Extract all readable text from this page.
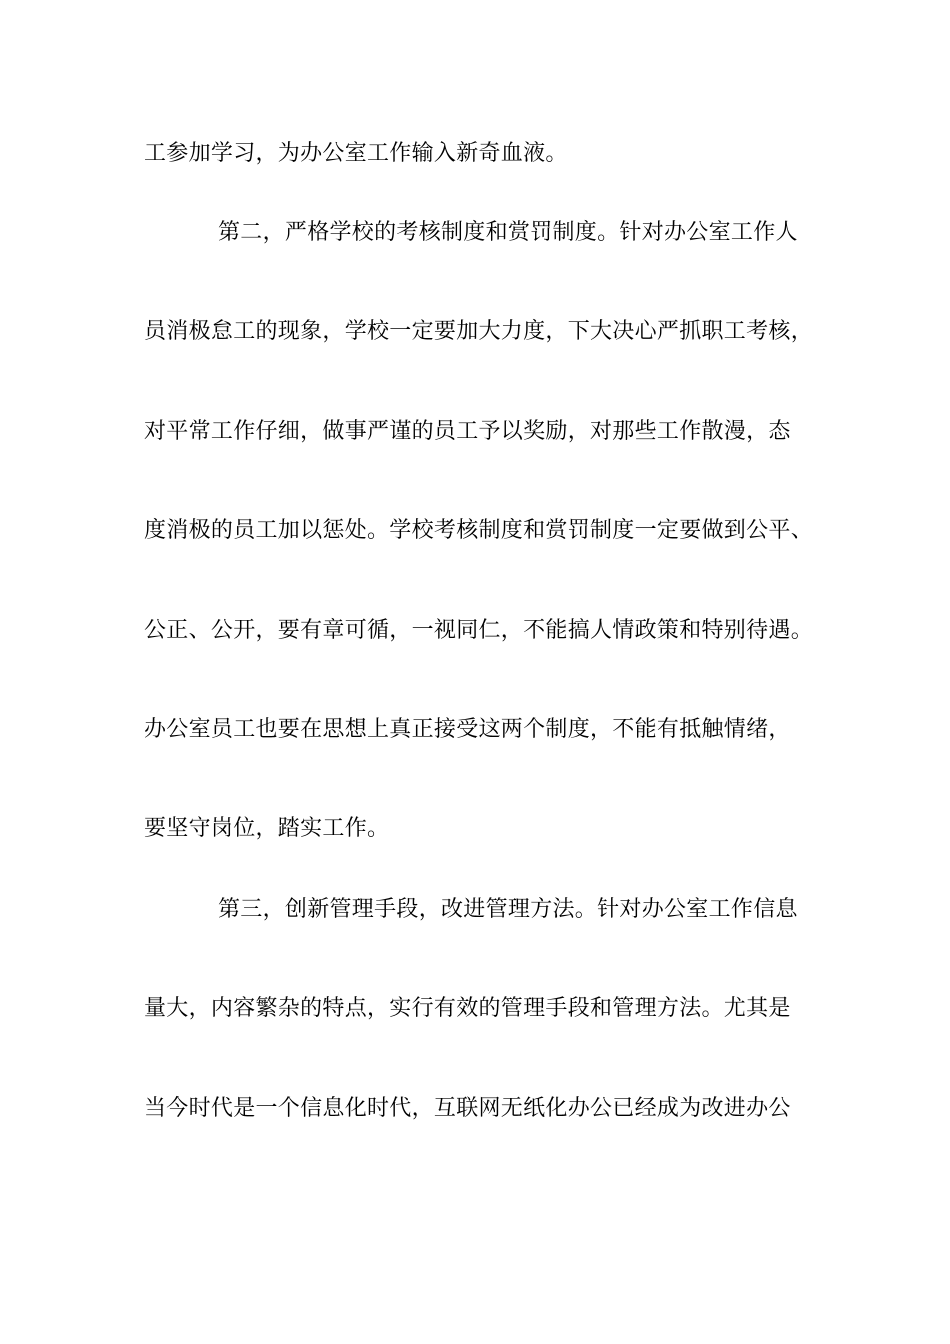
工参加学习，为办公室工作输入新奇血液。
第二，严格学校的考核制度和赏罚制度。针对办公室工作人
员消极怠工的现象，学校一定要加大力度，下大决心严抓职工考核，
对平常工作仔细，做事严谨的员工予以奖励，对那些工作散漫，态
度消极的员工加以惩处。学校考核制度和赏罚制度一定要做到公平、
公正、公开，要有章可循，一视同仁，不能搞人情政策和特别待遇。
办公室员工也要在思想上真正接受这两个制度，不能有抵触情绪，
要坚守岗位，踏实工作。
第三，创新管理手段，改进管理方法。针对办公室工作信息
量大，内容繁杂的特点，实行有效的管理手段和管理方法。尤其是
当今时代是一个信息化时代，互联网无纸化办公已经成为改进办公
